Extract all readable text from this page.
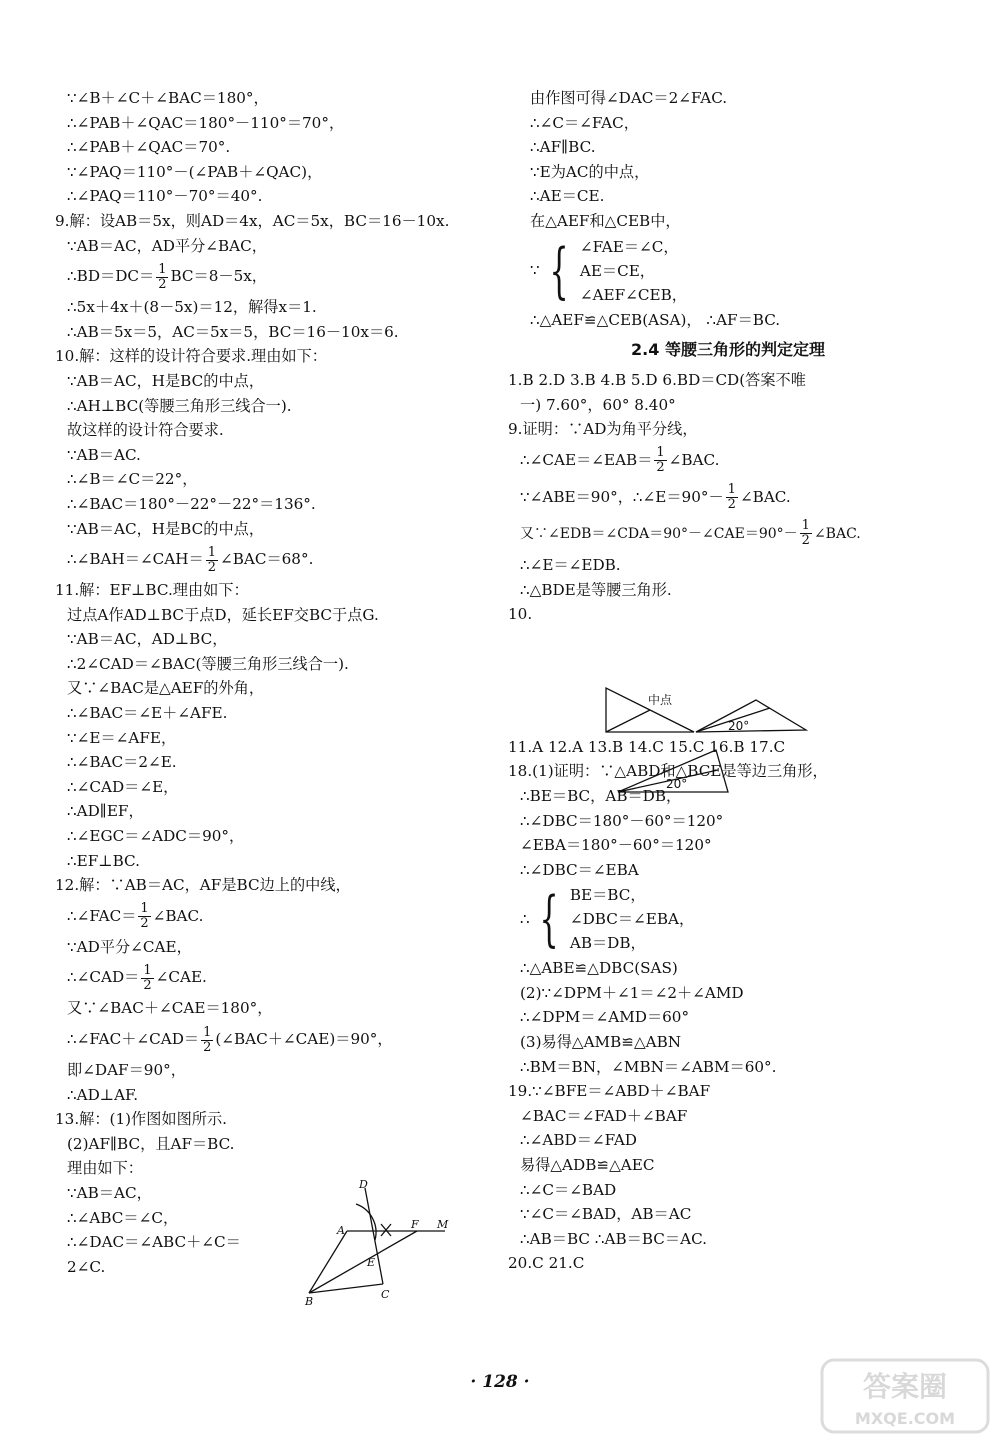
∵∠B＋∠C＋∠BAC＝180°，
∴∠PAB＋∠QAC＝180°－110°＝70°，
∴∠PAB＋∠QAC＝70°.
∵∠PAQ＝110°－(∠PAB＋∠QAC)，
∴∠PAQ＝110°－70°＝40°.
9.解：设AB＝5x，则AD＝4x，AC＝5x，BC＝16－10x.
∵AB＝AC，AD平分∠BAC，
∴BD＝DC＝ $\frac{1}{2} BC=8-5x$，
∴5x＋4x＋(8－5x)＝12，解得x＝1.
∴AB＝5x＝5，AC＝5x＝5，BC＝16－10x＝6.
10.解：这样的设计符合要求.理由如下：
∵AB＝AC，H是BC的中点，
∴AH⊥BC(等腰三角形三线合一).
故这样的设计符合要求.
∵AB＝AC.
∴∠B＝∠C＝22°，
∴∠BAC＝180°－22°－22°＝136°.
∵AB＝AC，H是BC的中点，
∴∠BAH＝∠CAH＝ $\frac{1}{2}$ ∠BAC＝68°.
11.解：EF⊥BC.理由如下：
过点A作AD⊥BC于点D，延长EF交BC于点G.
∵AB＝AC，AD⊥BC，
∴2∠CAD＝∠BAC(等腰三角形三线合一).
又∵∠BAC是△AEF的外角，
∴∠BAC＝∠E＋∠AFE.
∵∠E＝∠AFE，
∴∠BAC＝2∠E.
∴∠CAD＝∠E，
∴AD∥EF，
∴∠EGC＝∠ADC＝90°，
∴EF⊥BC.
12.解：∵AB＝AC，AF是BC边上的中线，
∴∠FAC＝ $\frac{1}{2}$ ∠BAC.
∵AD平分∠CAE，
∴∠CAD＝ $\frac{1}{2}$ ∠CAE.
又∵∠BAC＋∠CAE＝180°，
∴∠FAC＋∠CAD＝ $\frac{1}{2}$ (∠BAC＋∠CAE)＝90°，
即∠DAF＝90°，
∴AD⊥AF.
13.解：(1)作图如图所示.
(2)AF∥BC，且AF＝BC.
理由如下：
∵AB＝AC，
∴∠ABC＝∠C，
∴∠DAC＝∠ABC＋∠C＝
2∠C.
D
A	F M
E
B
C
由作图可得∠DAC＝2∠FAC.
∴∠C＝∠FAC，
∴AF∥BC.
∵E为AC的中点，
∴AE＝CE.
在△AEF和△CEB中，
∵ { ∠FAE＝∠C，
AE＝CE，
∠AEF∠CEB，
∴△AEF≌△CEB(ASA)， ∴AF＝BC.
2.4 等腰三角形的判定定理
1.B 2.D 3.B 4.B 5.D 6.BD＝CD(答案不唯
一) 7.60°，60° 8.40°
9.证明：∵AD为角平分线，
∴∠CAE＝∠EAB＝ $\frac{1}{2}$ ∠BAC.
∵∠ABE＝90°，∴∠E＝90°－ $\frac{1}{2}$ ∠BAC.
又∵∠EDB＝∠CDA＝90°－∠CAE＝90°－ $\frac{1}{2}$ ∠BAC.
∴∠E＝∠EDB.
∴△BDE是等腰三角形.
10.
11.A 12.A 13.B 14.C 15.C 16.B 17.C
18.(1)证明：∵△ABD和△BCE是等边三角形，
∴BE＝BC，AB＝DB，
∴∠DBC＝180°－60°＝120°
∠EBA＝180°－60°＝120°
∴∠DBC＝∠EBA
∴ { BE＝BC，
∠DBC＝∠EBA，
AB＝DB，
∴△ABE≌△DBC(SAS)
(2)∵∠DPM＋∠1＝∠2＋∠AMD
∴∠DPM＝∠AMD＝60°
(3)易得△AMB≌△ABN
∴BM＝BN，∠MBN＝∠ABM＝60°.
19.∵∠BFE＝∠ABD＋∠BAF
∠BAC＝∠FAD＋∠BAF
∴∠ABD＝∠FAD
易得△ADB≌△AEC
∴∠C＝∠BAD
∵∠C＝∠BAD，AB＝AC
∴AB＝BC ∴AB＝BC＝AC.
20.C 21.C
中点
20°
20°
· 128 ·	答案圈
MXQE.COM
